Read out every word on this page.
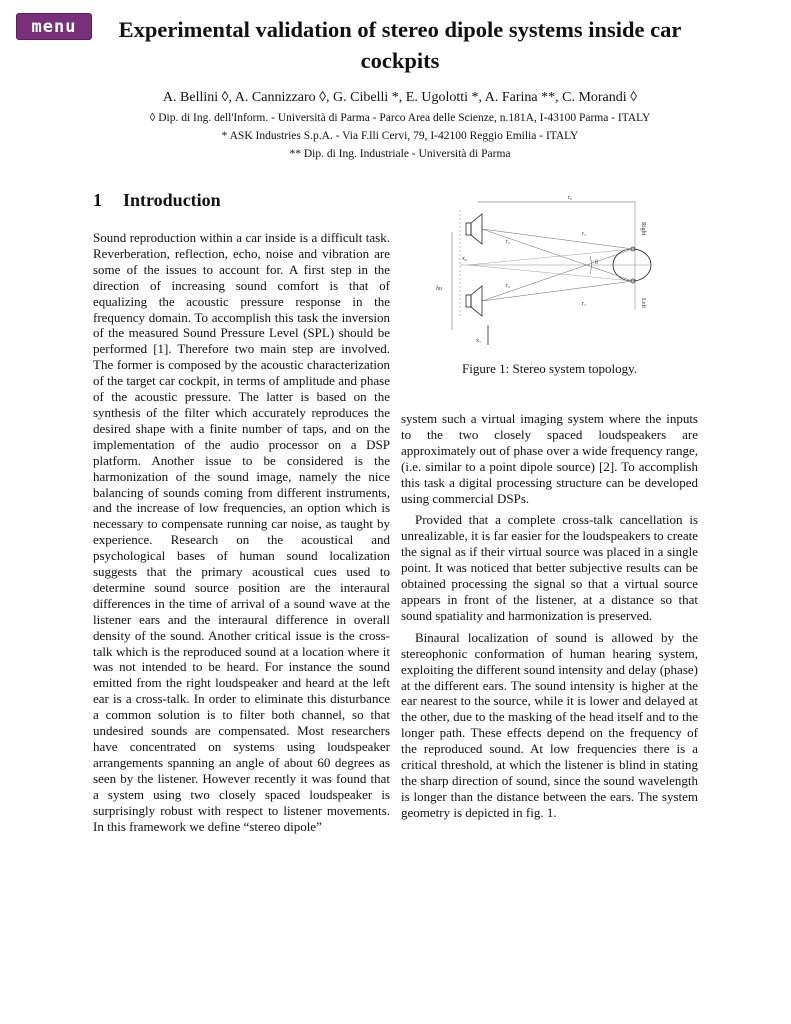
menu	Experimental validation of stereo dipole systems inside car cockpits
A. Bellini ◊, A. Cannizzaro ◊, G. Cibelli *, E. Ugolotti *, A. Farina **, C. Morandi ◊
◊ Dip. di Ing. dell'Inform. - Università di Parma - Parco Area delle Scienze, n.181A, I-43100 Parma - ITALY
* ASK Industries S.p.A. - Via F.lli Cervi, 79, I-42100 Reggio Emilia - ITALY
** Dip. di Ing. Industriale - Università di Parma
1 Introduction

Sound reproduction within a car inside is a difficult task. Reverberation, reflection, echo, noise and vibration are some of the issues to account for. A first step in the direction of increasing sound comfort is that of equalizing the acoustic pressure response in the frequency domain. To accomplish this task the inversion of the measured Sound Pressure Level (SPL) should be performed [1]. Therefore two main step are involved. The former is composed by the acoustic characterization of the target car cockpit, in terms of amplitude and phase of the acoustic pressure. The latter is based on the synthesis of the filter which accurately reproduces the desired shape with a finite number of taps, and on the implementation of the audio processor on a DSP platform. Another issue to be considered is the harmonization of the sound image, namely the nice balancing of sounds coming from different instruments, and the increase of low frequencies, an option which is necessary to compensate running car noise, as taught by experience. Research on the acoustical and psychological bases of human sound localization suggests that the primary acoustical cues used to determine sound source position are the interaural differences in the time of arrival of a sound wave at the listener ears and the interaural difference in overall density of the sound. Another critical issue is the cross-talk which is the reproduced sound at a location where it was not intended to be heard. For instance the sound emitted from the right loudspeaker and heard at the left ear is a cross-talk. In order to eliminate this disturbance a common solution is to filter both channel, so that undesired sounds are compensated. Most researchers have concentrated on systems using loudspeaker arrangements spanning an angle of about 60 degrees as seen by the listener. However recently it was found that a system using two closely spaced loudspeaker is surprisingly robust with respect to listener movements. In this framework we define “stereo dipole”

r₀
Right
Left
r₁
r₂
r₂
r₁
θ
x₂
δu
x₁
Figure 1: Stereo system topology.

system such a virtual imaging system where the inputs to the two closely spaced loudspeakers are approximately out of phase over a wide frequency range, (i.e. similar to a point dipole source) [2]. To accomplish this task a digital processing structure can be developed using commercial DSPs.

Provided that a complete cross-talk cancellation is unrealizable, it is far easier for the loudspeakers to create the signal as if their virtual source was placed in a single point. It was noticed that better subjective results can be obtained processing the signal so that a virtual source appears in front of the listener, at a distance so that sound spatiality and harmonization is preserved.

Binaural localization of sound is allowed by the stereophonic conformation of human hearing system, exploiting the different sound intensity and delay (phase) at the different ears. The sound intensity is higher at the ear nearest to the source, while it is lower and delayed at the other, due to the masking of the head itself and to the longer path. These effects depend on the frequency of the reproduced sound. At low frequencies there is a critical threshold, at which the listener is blind in stating the sharp direction of sound, since the sound wavelength is longer than the distance between the ears. The system geometry is depicted in fig. 1.
